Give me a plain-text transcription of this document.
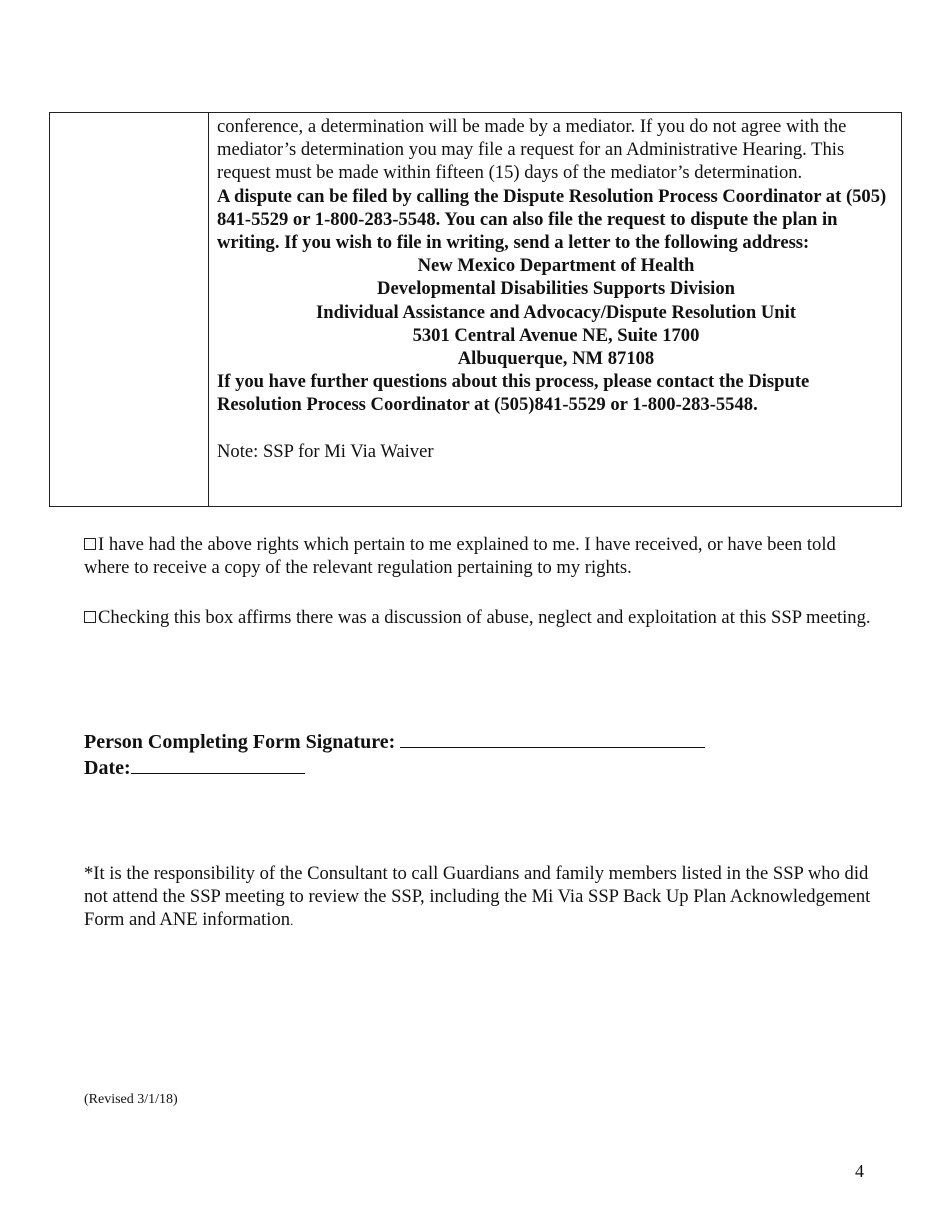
conference, a determination will be made by a mediator. If you do not agree with the mediator’s determination you may file a request for an Administrative Hearing. This request must be made within fifteen (15) days of the mediator’s determination.

A dispute can be filed by calling the Dispute Resolution Process Coordinator at (505) 841-5529 or 1-800-283-5548. You can also file the request to dispute the plan in writing. If you wish to file in writing, send a letter to the following address:

New Mexico Department of Health

Developmental Disabilities Supports Division

Individual Assistance and Advocacy/Dispute Resolution Unit

5301 Central Avenue NE, Suite 1700

Albuquerque, NM 87108

If you have further questions about this process, please contact the Dispute Resolution Process Coordinator at (505)841-5529 or 1-800-283-5548.

Note: SSP for Mi Via Waiver

I have had the above rights which pertain to me explained to me. I have received, or have been told where to receive a copy of the relevant regulation pertaining to my rights.

Checking this box affirms there was a discussion of abuse, neglect and exploitation at this SSP meeting.

Person Completing Form Signature:
Date:

*It is the responsibility of the Consultant to call Guardians and family members listed in the SSP who did not attend the SSP meeting to review the SSP, including the Mi Via SSP Back Up Plan Acknowledgement Form and ANE information.

(Revised 3/1/18)
4
